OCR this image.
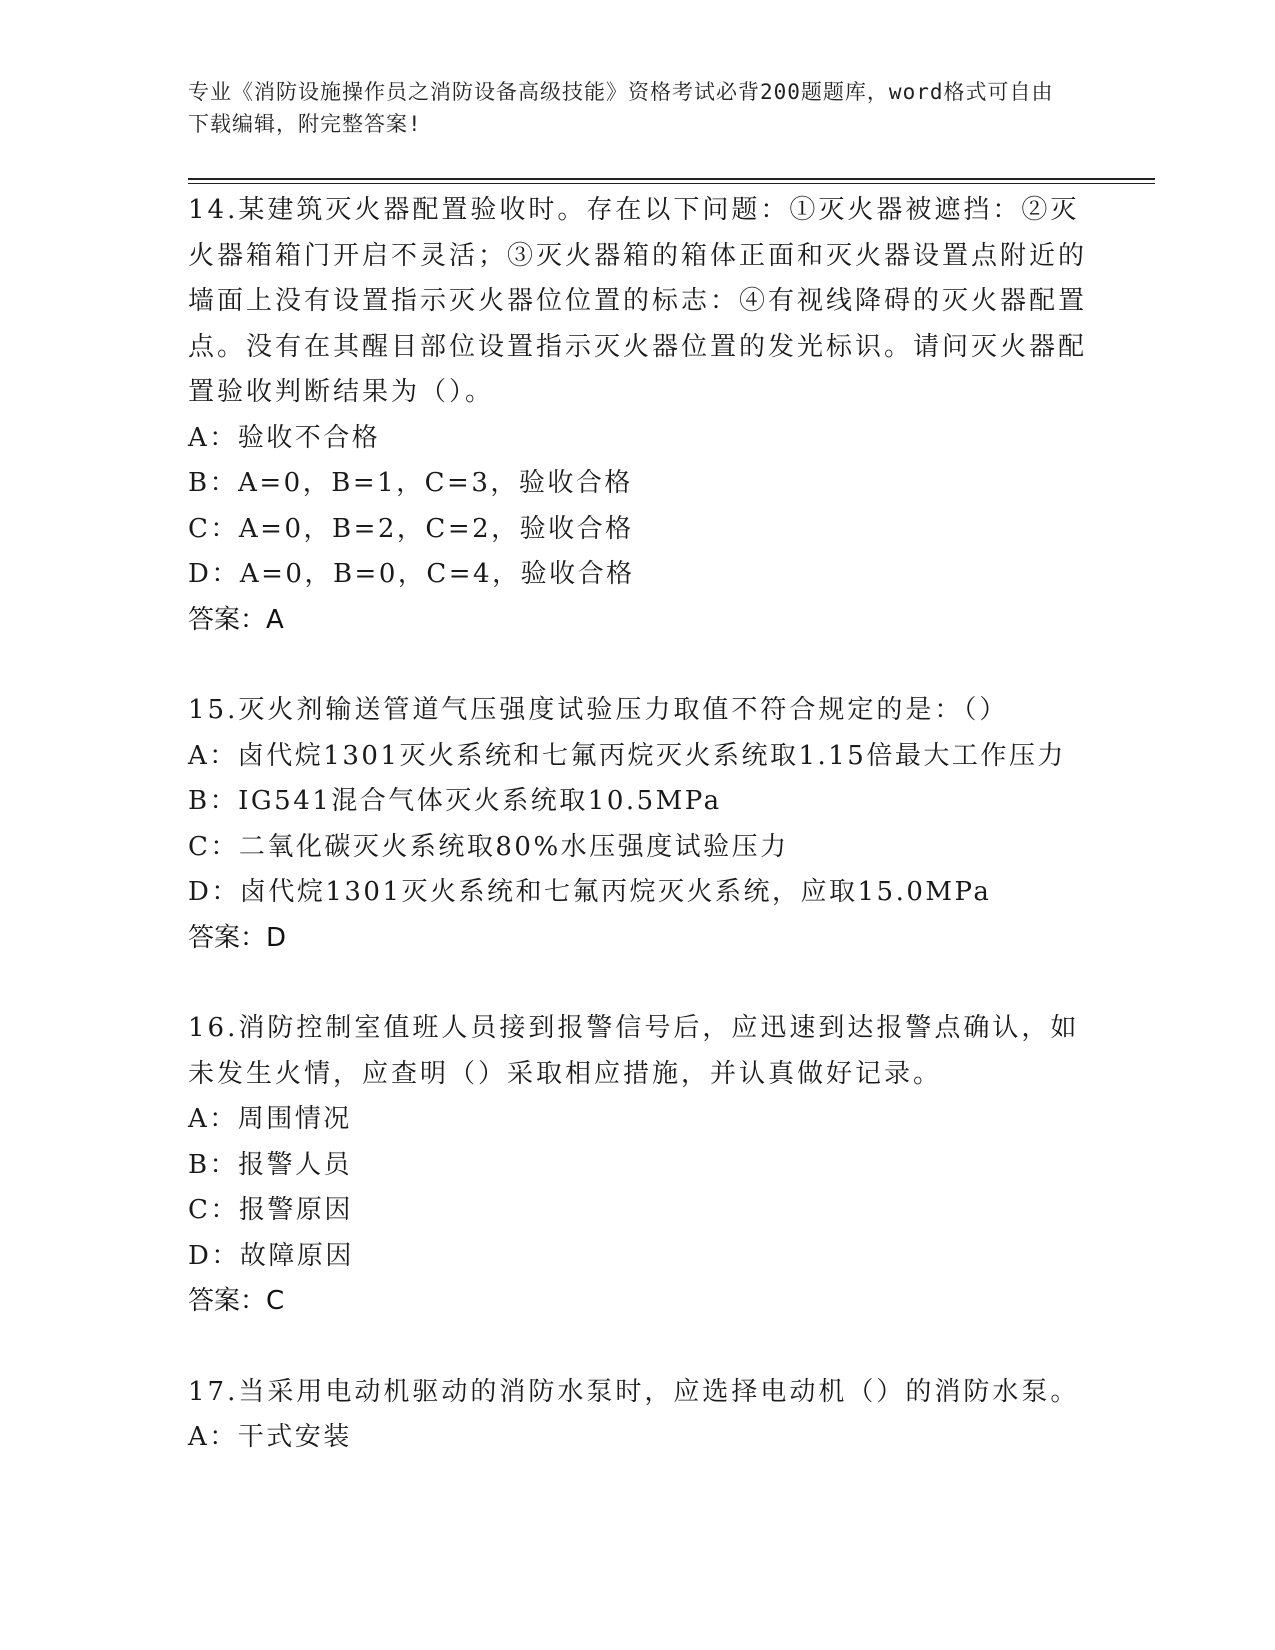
专业《消防设施操作员之消防设备高级技能》资格考试必背200题题库，word格式可自由下载编辑，附完整答案!
14.某建筑灭火器配置验收时。存在以下问题：①灭火器被遮挡：②灭火器箱箱门开启不灵活；③灭火器箱的箱体正面和灭火器设置点附近的墙面上没有设置指示灭火器位位置的标志：④有视线降碍的灭火器配置点。没有在其醒目部位设置指示灭火器位置的发光标识。请问灭火器配置验收判断结果为（）。
A：验收不合格
B：A=0，B=1，C=3，验收合格
C：A=0，B=2，C=2，验收合格
D：A=0，B=0，C=4，验收合格
答案：A
15.灭火剂输送管道气压强度试验压力取值不符合规定的是：（）
A：卤代烷1301灭火系统和七氟丙烷灭火系统取1.15倍最大工作压力
B：IG541混合气体灭火系统取10.5MPa
C：二氧化碳灭火系统取80%水压强度试验压力
D：卤代烷1301灭火系统和七氟丙烷灭火系统，应取15.0MPa
答案：D
16.消防控制室值班人员接到报警信号后，应迅速到达报警点确认，如未发生火情，应查明（）采取相应措施，并认真做好记录。
A：周围情况
B：报警人员
C：报警原因
D：故障原因
答案：C
17.当采用电动机驱动的消防水泵时，应选择电动机（）的消防水泵。
A：干式安装
